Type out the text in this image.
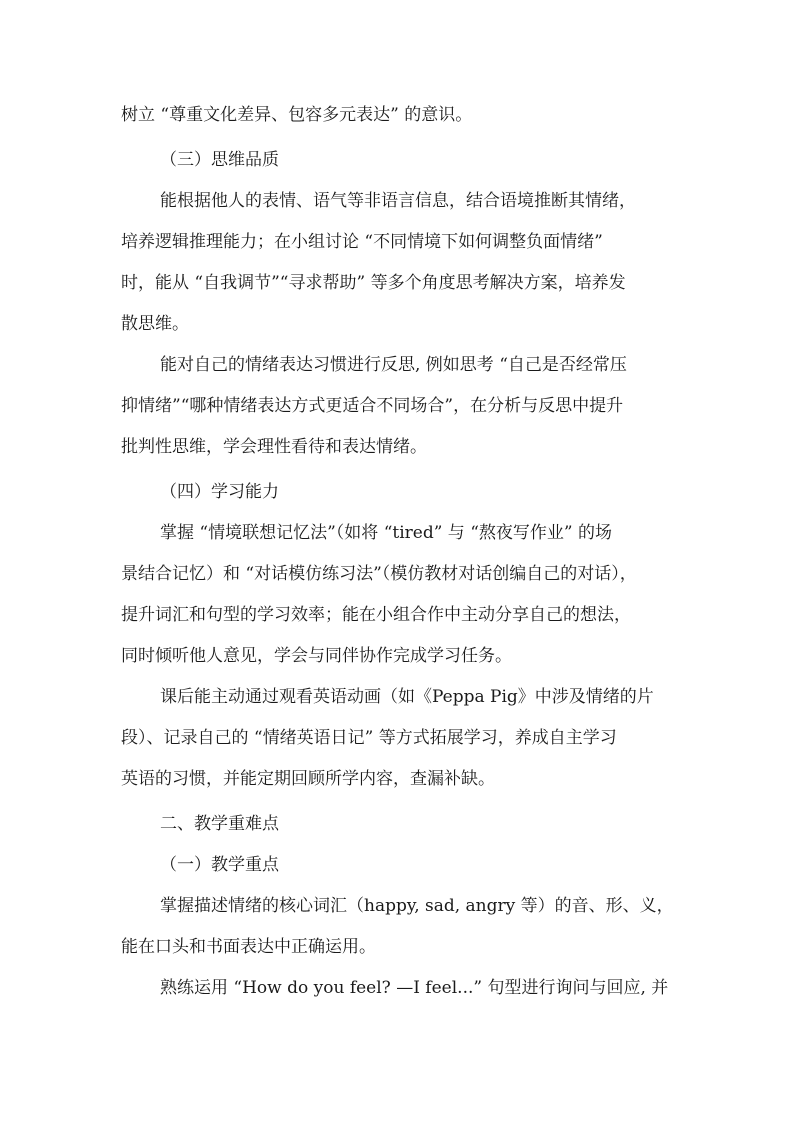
树立 “尊重文化差异、包容多元表达” 的意识。
（三）思维品质
能根据他人的表情、语气等非语言信息，结合语境推断其情绪，
培养逻辑推理能力；在小组讨论 “不同情境下如何调整负面情绪”
时，能从 “自我调节”“寻求帮助” 等多个角度思考解决方案，培养发
散思维。
能对自己的情绪表达习惯进行反思, 例如思考 “自己是否经常压
抑情绪”“哪种情绪表达方式更适合不同场合”，在分析与反思中提升
批判性思维，学会理性看待和表达情绪。
（四）学习能力
掌握 “情境联想记忆法”（如将 “tired” 与 “熬夜写作业” 的场
景结合记忆）和 “对话模仿练习法”（模仿教材对话创编自己的对话），
提升词汇和句型的学习效率；能在小组合作中主动分享自己的想法，
同时倾听他人意见，学会与同伴协作完成学习任务。
课后能主动通过观看英语动画（如《Peppa Pig》中涉及情绪的片
段）、记录自己的 “情绪英语日记” 等方式拓展学习，养成自主学习
英语的习惯，并能定期回顾所学内容，查漏补缺。
二、教学重难点
（一）教学重点
掌握描述情绪的核心词汇（happy, sad, angry 等）的音、形、义，
能在口头和书面表达中正确运用。
熟练运用 “How do you feel? —I feel...” 句型进行询问与回应, 并
